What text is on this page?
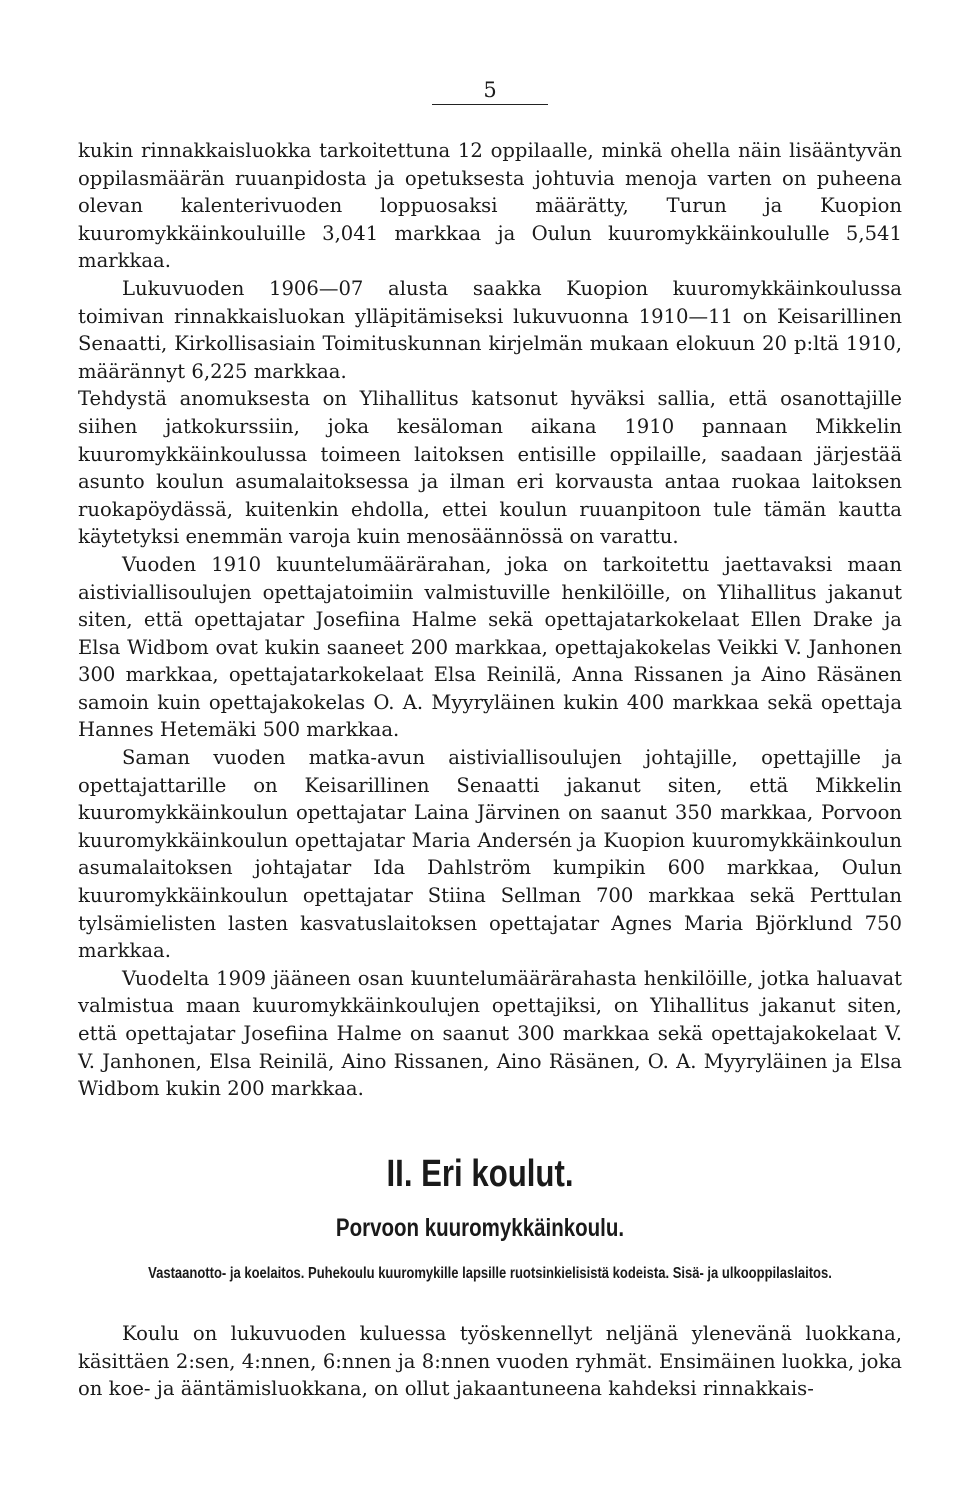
5

kukin rinnakkaisluokka tarkoitettuna 12 oppilaalle, minkä ohella näin lisääntyvän oppilasmäärän ruuanpidosta ja opetuksesta johtuvia menoja varten on puheena olevan kalenterivuoden loppuosaksi määrätty, Turun ja Kuopion kuuromykkäinkouluille 3,041 markkaa ja Oulun kuuromykkäinkoululle 5,541 markkaa.

Lukuvuoden 1906—07 alusta saakka Kuopion kuuromykkäinkoulussa toimivan rinnakkaisluokan ylläpitämiseksi lukuvuonna 1910—11 on Keisarillinen Senaatti, Kirkollisasiain Toimituskunnan kirjelmän mukaan elokuun 20 p:ltä 1910, määrännyt 6,225 markkaa.

Tehdystä anomuksesta on Ylihallitus katsonut hyväksi sallia, että osanottajille siihen jatkokurssiin, joka kesäloman aikana 1910 pannaan Mikkelin kuuromykkäinkoulussa toimeen laitoksen entisille oppilaille, saadaan järjestää asunto koulun asumalaitoksessa ja ilman eri korvausta antaa ruokaa laitoksen ruokapöydässä, kuitenkin ehdolla, ettei koulun ruuanpitoon tule tämän kautta käytetyksi enemmän varoja kuin menosäännössä on varattu.

Vuoden 1910 kuuntelumäärärahan, joka on tarkoitettu jaettavaksi maan aistiviallisoulujen opettajatoimiin valmistuville henkilöille, on Ylihallitus jakanut siten, että opettajatar Josefiina Halme sekä opettajatarkokelaat Ellen Drake ja Elsa Widbom ovat kukin saaneet 200 markkaa, opettajakokelas Veikki V. Janhonen 300 markkaa, opettajatarkokelaat Elsa Reinilä, Anna Rissanen ja Aino Räsänen samoin kuin opettajakokelas O. A. Myyryläinen kukin 400 markkaa sekä opettaja Hannes Hetemäki 500 markkaa.

Saman vuoden matka-avun aistiviallisoulujen johtajille, opettajille ja opettajattarille on Keisarillinen Senaatti jakanut siten, että Mikkelin kuuromykkäinkoulun opettajatar Laina Järvinen on saanut 350 markkaa, Porvoon kuuromykkäinkoulun opettajatar Maria Andersén ja Kuopion kuuromykkäinkoulun asumalaitoksen johtajatar Ida Dahlström kumpikin 600 markkaa, Oulun kuuromykkäinkoulun opettajatar Stiina Sellman 700 markkaa sekä Perttulan tylsämielisten lasten kasvatuslaitoksen opettajatar Agnes Maria Björklund 750 markkaa.

Vuodelta 1909 jääneen osan kuuntelumäärärahasta henkilöille, jotka haluavat valmistua maan kuuromykkäinkoulujen opettajiksi, on Ylihallitus jakanut siten, että opettajatar Josefiina Halme on saanut 300 markkaa sekä opettajakokelaat V. V. Janhonen, Elsa Reinilä, Aino Rissanen, Aino Räsänen, O. A. Myyryläinen ja Elsa Widbom kukin 200 markkaa.

II. Eri koulut.
Porvoon kuuromykkäinkoulu.

Vastaanotto- ja koelaitos. Puhekoulu kuuromykille lapsille ruotsinkielisistä kodeista. Sisä- ja ulkooppilaslaitos.

Koulu on lukuvuoden kuluessa työskennellyt neljänä ylenevänä luokkana, käsittäen 2:sen, 4:nnen, 6:nnen ja 8:nnen vuoden ryhmät. Ensimäinen luokka, joka on koe- ja ääntämisluokkana, on ollut jakaantuneena kahdeksi rinnakkais-
